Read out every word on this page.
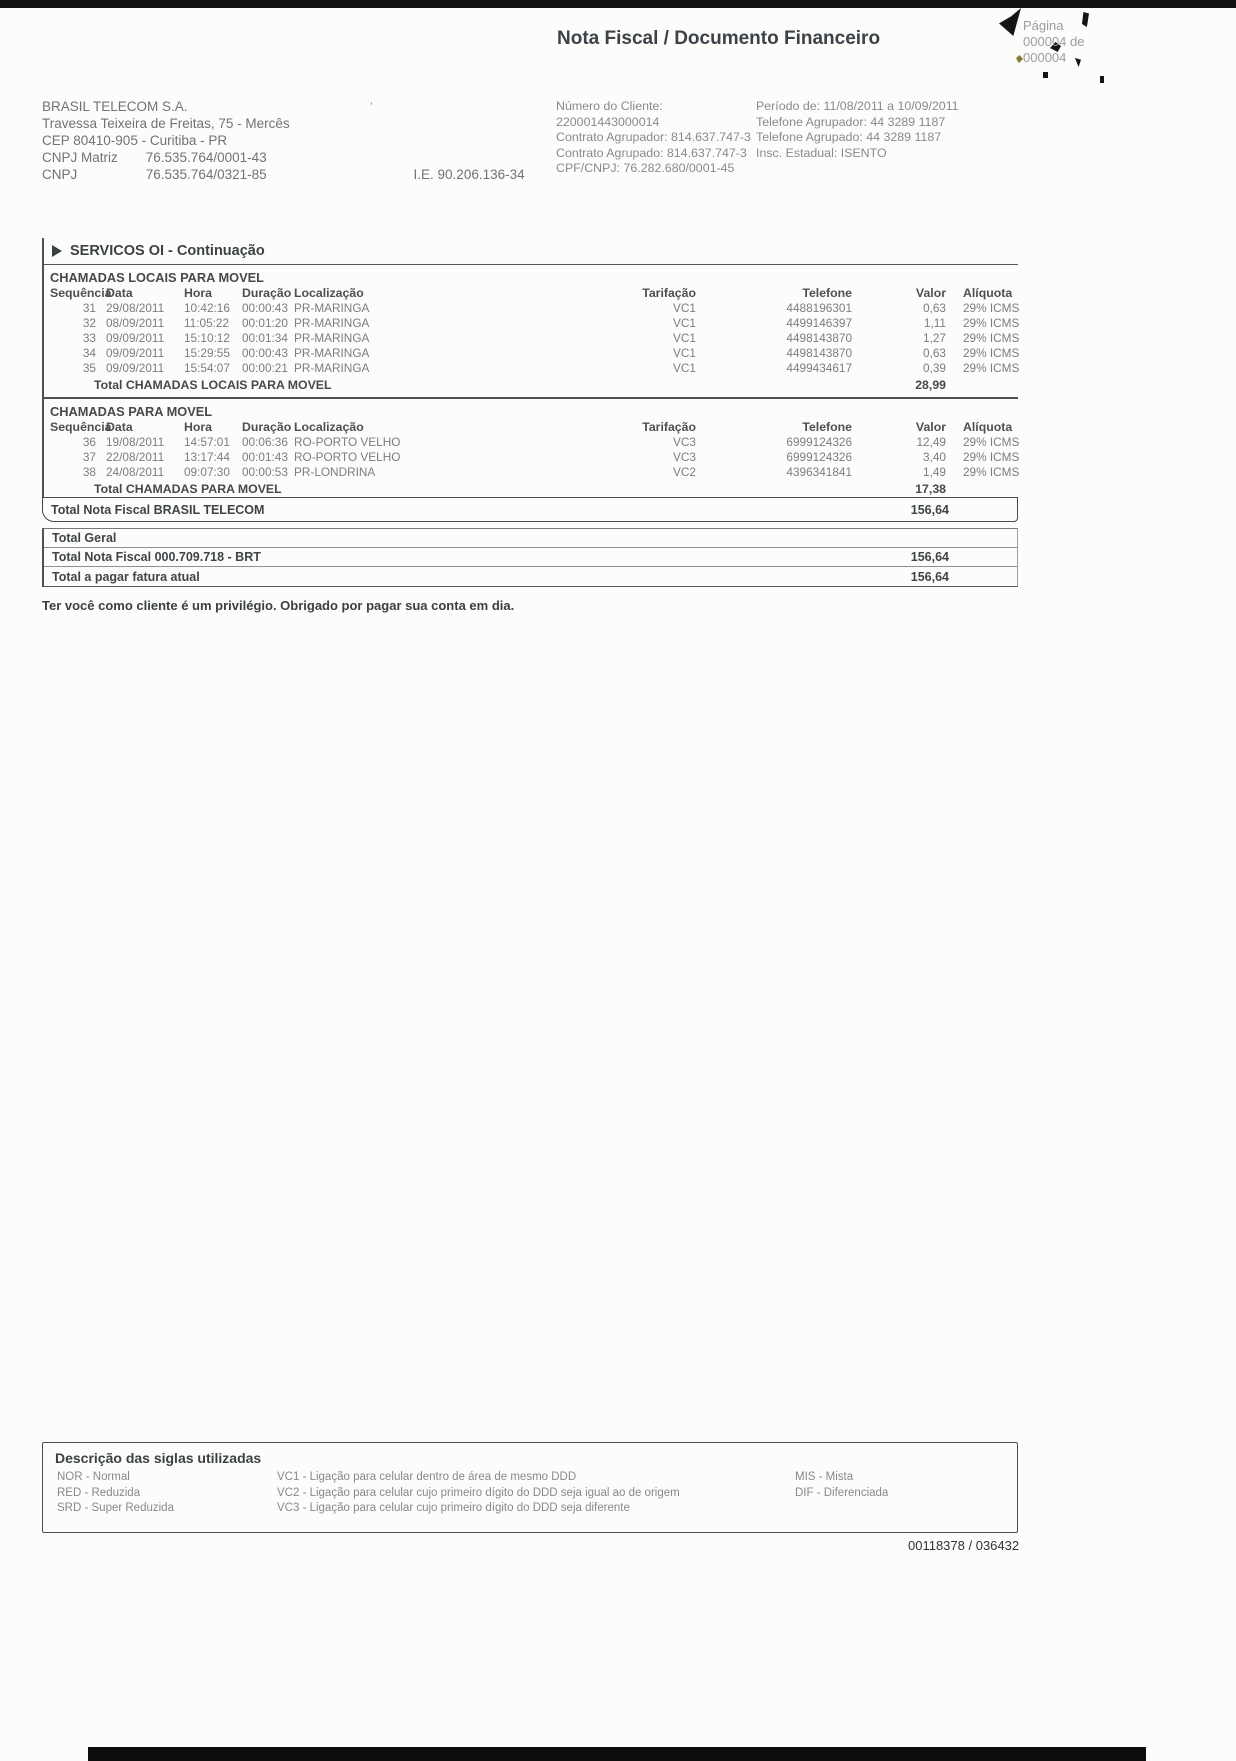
Nota Fiscal / Documento Financeiro
Página
000004 de
000004
BRASIL TELECOM S.A.
Travessa Teixeira de Freitas, 75 - Mercês
CEP 80410-905 - Curitiba - PR
CNPJ Matriz 76.535.764/0001-43
CNPJ	76.535.764/0321-85	I.E. 90.206.136-34
’	Número do Cliente: 220001443000014
Contrato Agrupador: 814.637.747-3
Contrato Agrupado: 814.637.747-3
CPF/CNPJ: 76.282.680/0001-45
Período de: 11/08/2011 a 10/09/2011
Telefone Agrupador: 44 3289 1187
Telefone Agrupado: 44 3289 1187
Insc. Estadual: ISENTO
SERVICOS OI - Continuação
CHAMADAS LOCAIS PARA MOVEL
Sequência
Data	Hora	Duração Localização	Tarifação	Telefone	Valor	Alíquota
31 29/08/2011	10:42:16	00:00:43 PR-MARINGA	VC1	4488196301	0,63	29% ICMS
32 08/09/2011	11:05:22	00:01:20 PR-MARINGA	VC1	4499146397	1,11	29% ICMS
33 09/09/2011	15:10:12	00:01:34 PR-MARINGA	VC1	4498143870	1,27	29% ICMS
34 09/09/2011	15:29:55	00:00:43 PR-MARINGA	VC1	4498143870	0,63	29% ICMS
35 09/09/2011	15:54:07	00:00:21 PR-MARINGA	VC1	4499434617	0,39	29% ICMS
Total CHAMADAS LOCAIS PARA MOVEL	28,99
CHAMADAS PARA MOVEL
Sequência
Data	Hora	Duração Localização	Tarifação	Telefone	Valor	Alíquota
36 19/08/2011	14:57:01	00:06:36 RO-PORTO VELHO	VC3	6999124326	12,49	29% ICMS
37 22/08/2011	13:17:44	00:01:43 RO-PORTO VELHO	VC3	6999124326	3,40	29% ICMS
38 24/08/2011	09:07:30	00:00:53 PR-LONDRINA	VC2	4396341841	1,49	29% ICMS
Total CHAMADAS PARA MOVEL	17,38
Total Nota Fiscal BRASIL TELECOM	156,64
Total Geral
Total Nota Fiscal 000.709.718 - BRT	156,64
Total a pagar fatura atual	156,64
Ter você como cliente é um privilégio. Obrigado por pagar sua conta em dia.
Descrição das siglas utilizadas
NOR - Normal
RED - Reduzida
SRD - Super Reduzida
VC1 - Ligação para celular dentro de área de mesmo DDD
VC2 - Ligação para celular cujo primeiro dígito do DDD seja igual ao de origem
VC3 - Ligação para celular cujo primeiro dígito do DDD seja diferente
MIS - Mista
DIF - Diferenciada
00118378 / 036432
